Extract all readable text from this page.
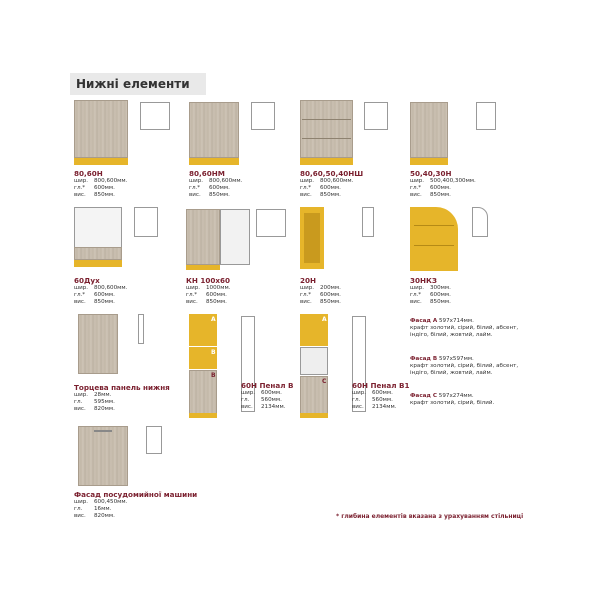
Нижні елементи
80,60Н
шир. 800,600мм.
гл.* 600мм.
вис. 850мм.
80,60НМ
шир. 800,600мм.
гл.* 600мм.
вис. 850мм.
80,60,50,40НШ
шир. 800,600мм.
гл.* 600мм.
вис. 850мм.
50,40,30Н
шир. 500,400,300мм.
гл.* 600мм.
вис. 850мм.
60Дух
шир. 800,600мм.
гл.* 600мм.
вис. 850мм.
КН 100х60
шир. 1000мм.
гл.* 600мм.
вис. 850мм.
20Н
шир. 200мм.
гл.* 600мм.
вис. 850мм.
30НКЗ
шир. 300мм.
гл.* 600мм.
вис. 850мм.
Торцева панель нижня
шир. 28мм.
гл. 595мм.
вис. 820мм.
A
B
B
60Н Пенал В
шир. 600мм.
гл. 560мм.
вис. 2134мм.
A
C	60Н Пенал В1
шир. 600мм.
гл. 560мм.
вис. 2134мм.
Фасад А 597х714мм.
крафт золотий, сірий, білий, абсент, індіго, білий, жовтий, лайм.
Фасад В 597х597мм.
крафт золотий, сірий, білий, абсент, індіго, білий, жовтий, лайм.
Фасад С 597х274мм.
крафт золотий, сірий, білий.
Фасад посудомийної машини
шир. 600,450мм.
гл. 16мм.
вис. 820мм.	* глибина елементів вказана з урахуванням стільниці
